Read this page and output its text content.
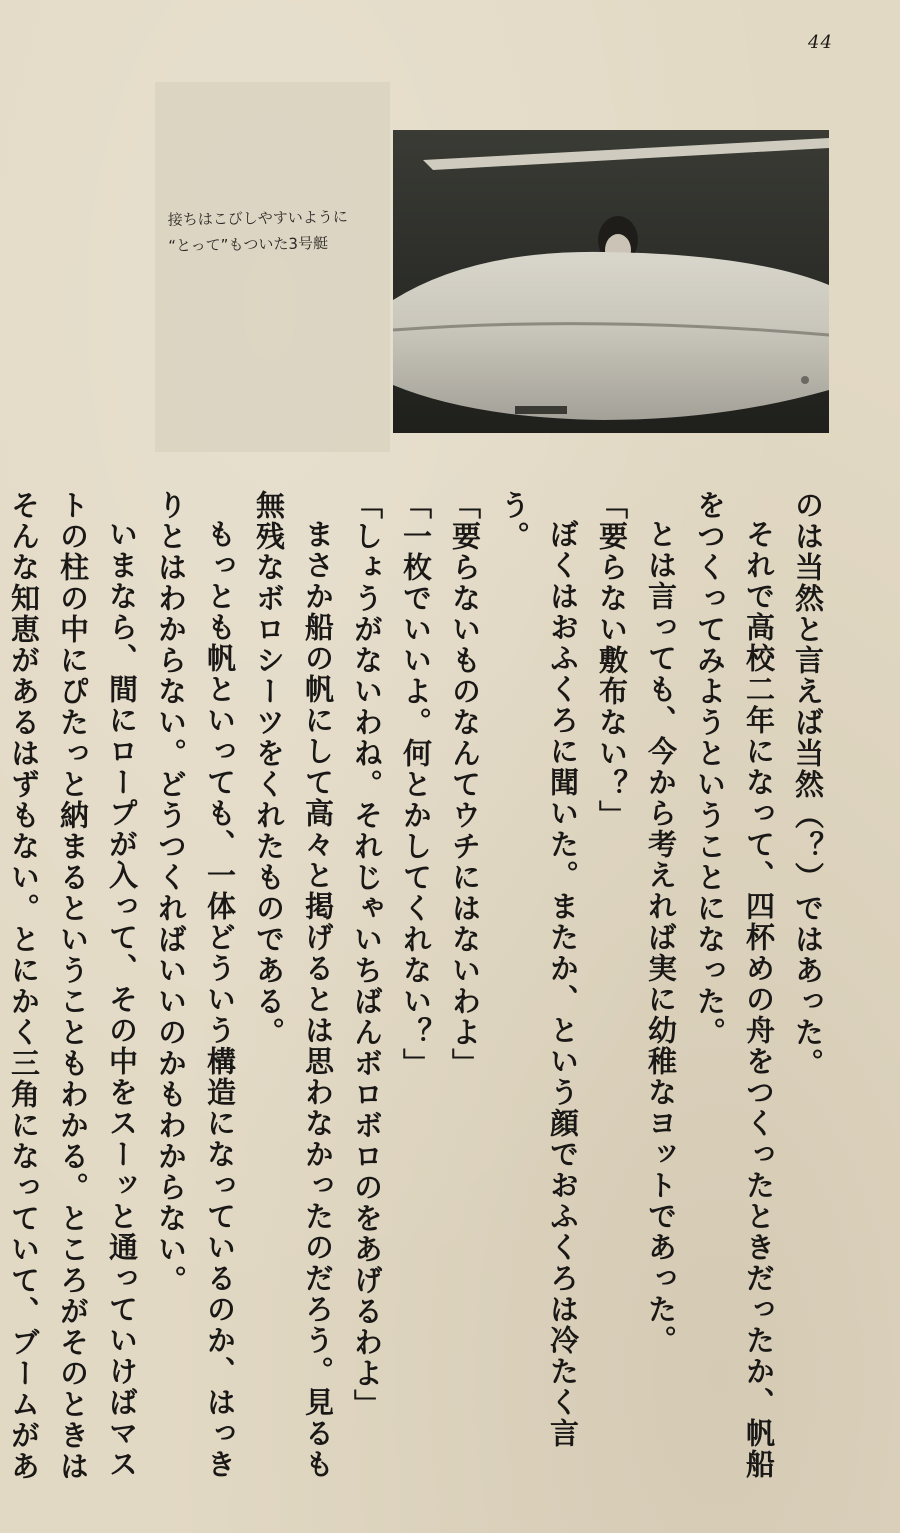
44
接ちはこびしやすいように
“とって”もついた3号艇

のは当然と言えば当然（？）ではあった。

それで高校二年になって、四杯めの舟をつくったときだったか、帆船をつくってみようということになった。

とは言っても、今から考えれば実に幼稚なヨットであった。

「要らない敷布ない？」

ぼくはおふくろに聞いた。またか、という顔でおふくろは冷たく言う。

「要らないものなんてウチにはないわよ」

「一枚でいいよ。何とかしてくれない？」

「しょうがないわね。それじゃいちばんボロボロのをあげるわよ」

まさか船の帆にして高々と掲げるとは思わなかったのだろう。見るも無残なボロシーツをくれたものである。

もっとも帆といっても、一体どういう構造になっているのか、はっきりとはわからない。どうつくればいいのかもわからない。

いまなら、間にロープが入って、その中をスーッと通っていけばマストの柱の中にぴたっと納まるということもわかる。ところがそのときはそんな知恵があるはずもない。とにかく三角になっていて、ブームがあ
